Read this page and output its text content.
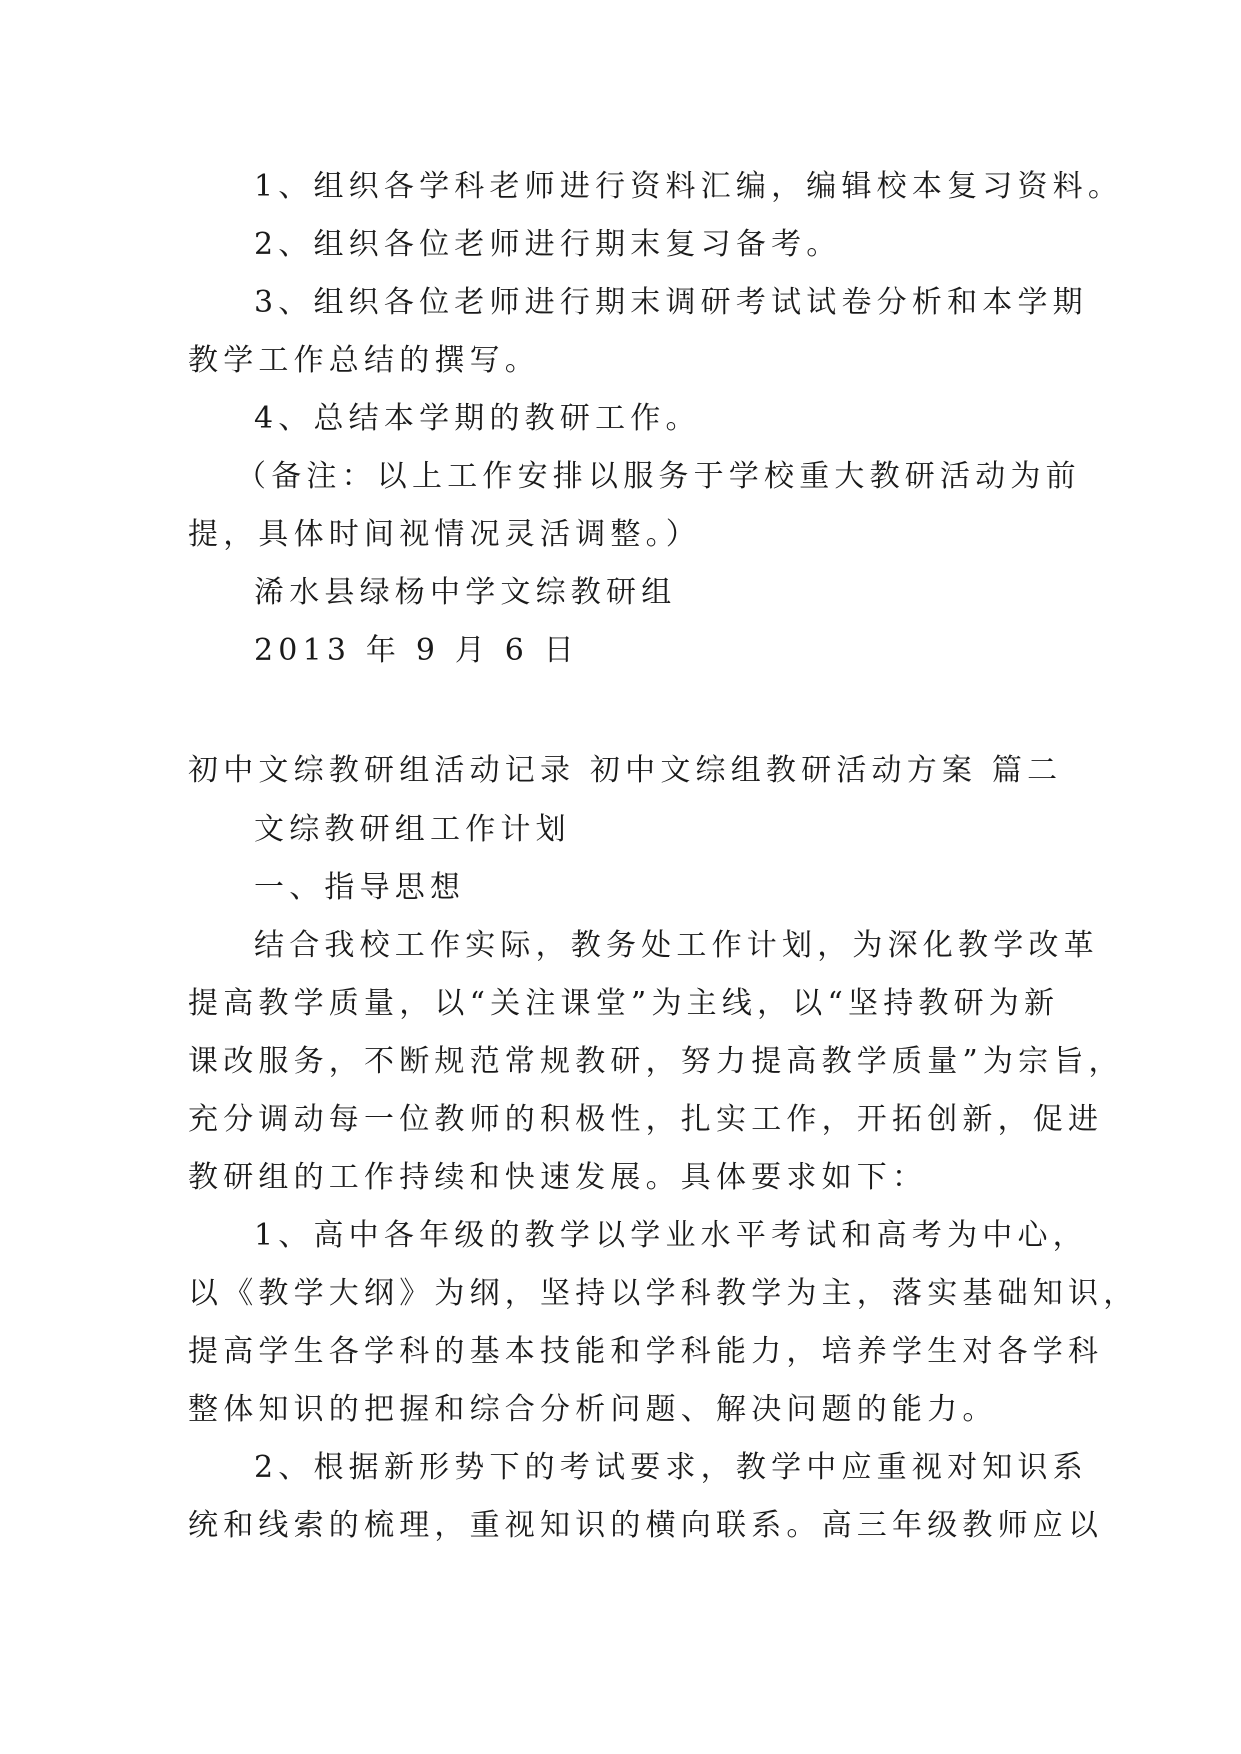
1、组织各学科老师进行资料汇编，编辑校本复习资料。
2、组织各位老师进行期末复习备考。
3、组织各位老师进行期末调研考试试卷分析和本学期
教学工作总结的撰写。
4、总结本学期的教研工作。
（备注：以上工作安排以服务于学校重大教研活动为前
提，具体时间视情况灵活调整。）
浠水县绿杨中学文综教研组
2013 年 9 月 6 日
初中文综教研组活动记录 初中文综组教研活动方案 篇二
文综教研组工作计划
一、指导思想
结合我校工作实际，教务处工作计划，为深化教学改革
提高教学质量，以“关注课堂”为主线，以“坚持教研为新
课改服务，不断规范常规教研，努力提高教学质量”为宗旨，
充分调动每一位教师的积极性，扎实工作，开拓创新，促进
教研组的工作持续和快速发展。具体要求如下：
1、高中各年级的教学以学业水平考试和高考为中心，
以《教学大纲》为纲，坚持以学科教学为主，落实基础知识，
提高学生各学科的基本技能和学科能力，培养学生对各学科
整体知识的把握和综合分析问题、解决问题的能力。
2、根据新形势下的考试要求，教学中应重视对知识系
统和线索的梳理，重视知识的横向联系。高三年级教师应以
